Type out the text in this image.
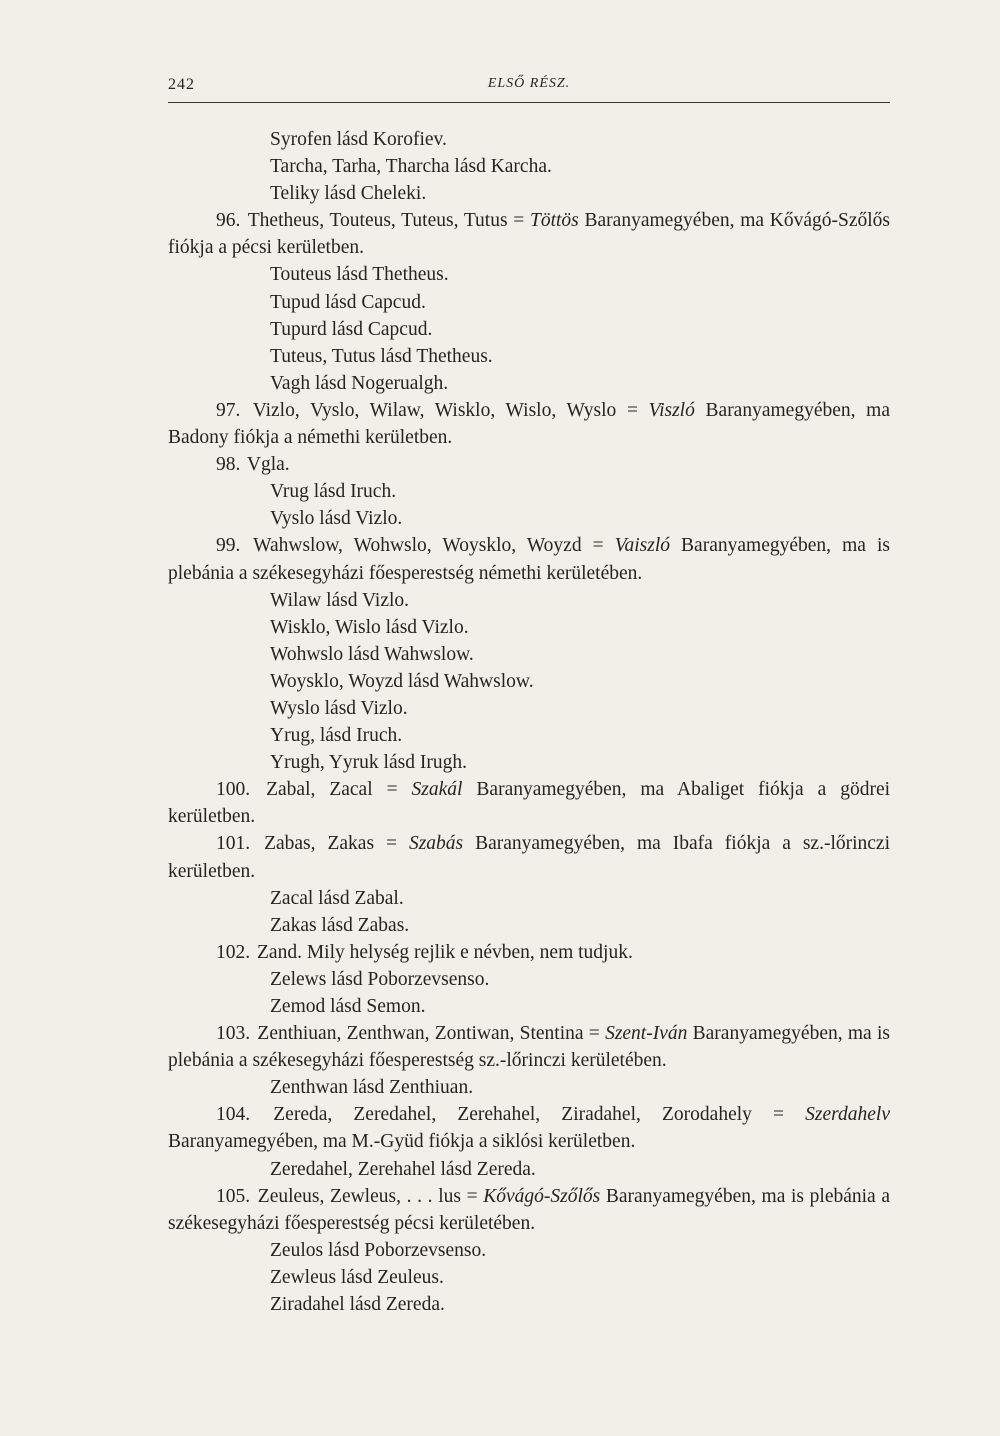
242	ELSŐ RÉSZ.
Syrofen lásd Korofiev.
Tarcha, Tarha, Tharcha lásd Karcha.
Teliky lásd Cheleki.
96. Thetheus, Touteus, Tuteus, Tutus = Töttös Baranyamegyében, ma Kővágó-Szőlős fiókja a pécsi kerületben.
Touteus lásd Thetheus.
Tupud lásd Capcud.
Tupurd lásd Capcud.
Tuteus, Tutus lásd Thetheus.
Vagh lásd Nogerualgh.
97. Vizlo, Vyslo, Wilaw, Wisklo, Wislo, Wyslo = Viszló Baranyamegyében, ma Badony fiókja a némethi kerületben.
98. Vgla.
Vrug lásd Iruch.
Vyslo lásd Vizlo.
99. Wahwslow, Wohwslo, Woysklo, Woyzd = Vaiszló Baranyamegyében, ma is plebánia a székesegyházi főesperestség némethi kerületében.
Wilaw lásd Vizlo.
Wisklo, Wislo lásd Vizlo.
Wohwslo lásd Wahwslow.
Woysklo, Woyzd lásd Wahwslow.
Wyslo lásd Vizlo.
Yrug, lásd Iruch.
Yrugh, Yyruk lásd Irugh.
100. Zabal, Zacal = Szakál Baranyamegyében, ma Abaliget fiókja a gödrei kerületben.
101. Zabas, Zakas = Szabás Baranyamegyében, ma Ibafa fiókja a sz.-lőrinczi kerületben.
Zacal lásd Zabal.
Zakas lásd Zabas.
102. Zand. Mily helység rejlik e névben, nem tudjuk.
Zelews lásd Poborzevsenso.
Zemod lásd Semon.
103. Zenthiuan, Zenthwan, Zontiwan, Stentina = Szent-Iván Baranyamegyében, ma is plebánia a székesegyházi főesperestség sz.-lőrinczi kerületében.
Zenthwan lásd Zenthiuan.
104. Zereda, Zeredahel, Zerehahel, Ziradahel, Zorodahely = Szerdahelv Baranyamegyében, ma M.-Gyüd fiókja a siklósi kerületben.
Zeredahel, Zerehahel lásd Zereda.
105. Zeuleus, Zewleus, . . . lus = Kővágó-Szőlős Baranyamegyében, ma is plebánia a székesegyházi főesperestség pécsi kerületében.
Zeulos lásd Poborzevsenso.
Zewleus lásd Zeuleus.
Ziradahel lásd Zereda.
